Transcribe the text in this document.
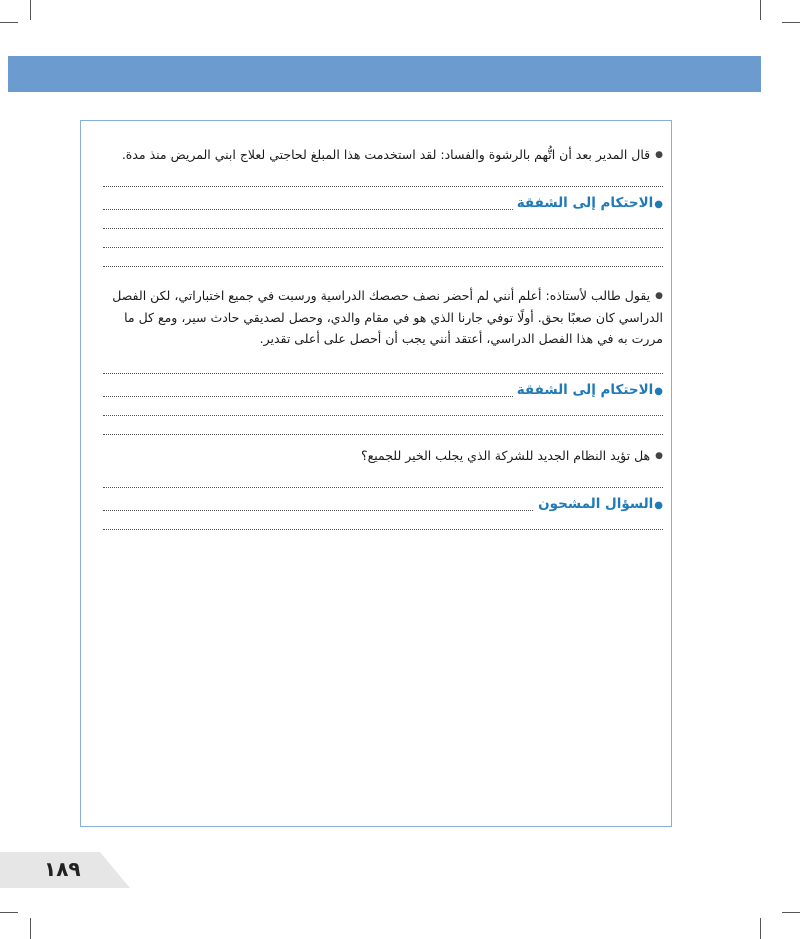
●قال المدير بعد أن اتُّهم بالرشوة والفساد: لقد استخدمت هذا المبلغ لحاجتي لعلاج ابني المريض منذ مدة.

●الاحتكام إلى الشفقة

●يقول طالب لأستاذه: أعلم أنني لم أحضر نصف حصصك الدراسية ورسبت في جميع اختباراتي، لكن الفصل الدراسي كان صعبًا بحق. أولًا توفي جارنا الذي هو في مقام والدي، وحصل لصديقي حادث سير، ومع كل ما مررت به في هذا الفصل الدراسي، أعتقد أنني يجب أن أحصل على أعلى تقدير.

●الاحتكام إلى الشفقة

●هل تؤيد النظام الجديد للشركة الذي يجلب الخير للجميع؟

●السؤال المشحون
١٨٩
